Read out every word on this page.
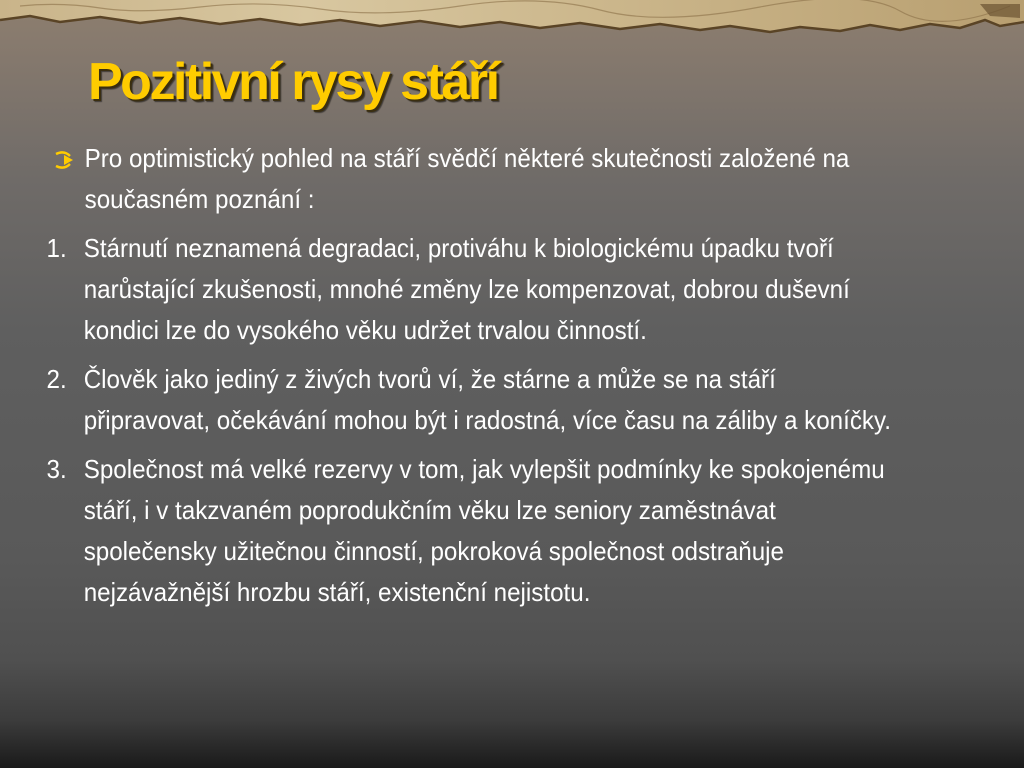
Pozitivní rysy stáří

Pro optimistický pohled na stáří svědčí některé skutečnosti založené na současném poznání :

1. Stárnutí neznamená degradaci, protiváhu k biologickému úpadku tvoří narůstající zkušenosti, mnohé změny lze kompenzovat, dobrou duševní kondici lze do vysokého věku udržet trvalou činností.

2. Člověk jako jediný z živých tvorů ví, že stárne a může se na stáří připravovat, očekávání mohou být i radostná, více času na záliby a koníčky.

3. Společnost má velké rezervy v tom, jak vylepšit podmínky ke spokojenému stáří, i v takzvaném poprodukčním věku lze seniory zaměstnávat společensky užitečnou činností, pokroková společnost odstraňuje nejzávažnější hrozbu stáří, existenční nejistotu.
